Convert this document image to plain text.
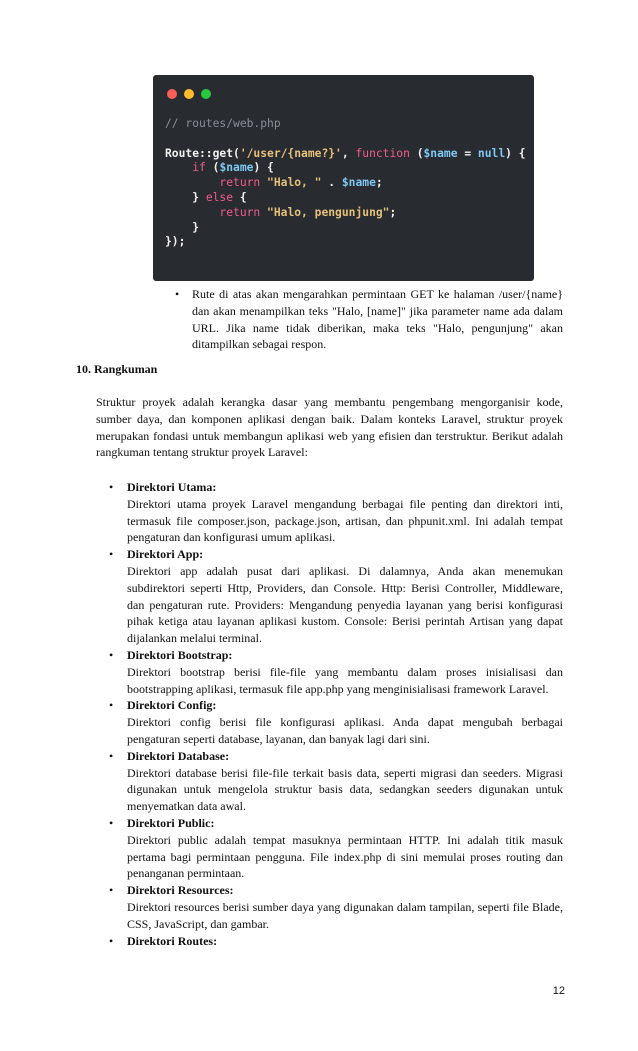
// routes/web.php
Route::get('/user/{name?}', function ($name = null) {
if ($name) {
return "Halo, " . $name;
} else {
return "Halo, pengunjung";
}
});
• Rute di atas akan mengarahkan permintaan GET ke halaman /user/{name} dan akan menampilkan teks "Halo, [name]" jika parameter name ada dalam URL. Jika name tidak diberikan, maka teks "Halo, pengunjung" akan ditampilkan sebagai respon.
10. Rangkuman
Struktur proyek adalah kerangka dasar yang membantu pengembang mengorganisir kode, sumber daya, dan komponen aplikasi dengan baik. Dalam konteks Laravel, struktur proyek merupakan fondasi untuk membangun aplikasi web yang efisien dan terstruktur. Berikut adalah rangkuman tentang struktur proyek Laravel:
• Direktori Utama:
Direktori utama proyek Laravel mengandung berbagai file penting dan direktori inti, termasuk file composer.json, package.json, artisan, dan phpunit.xml. Ini adalah tempat pengaturan dan konfigurasi umum aplikasi.
• Direktori App:
Direktori app adalah pusat dari aplikasi. Di dalamnya, Anda akan menemukan subdirektori seperti Http, Providers, dan Console. Http: Berisi Controller, Middleware, dan pengaturan rute. Providers: Mengandung penyedia layanan yang berisi konfigurasi pihak ketiga atau layanan aplikasi kustom. Console: Berisi perintah Artisan yang dapat dijalankan melalui terminal.
• Direktori Bootstrap:
Direktori bootstrap berisi file-file yang membantu dalam proses inisialisasi dan bootstrapping aplikasi, termasuk file app.php yang menginisialisasi framework Laravel.
• Direktori Config:
Direktori config berisi file konfigurasi aplikasi. Anda dapat mengubah berbagai pengaturan seperti database, layanan, dan banyak lagi dari sini.
• Direktori Database:
Direktori database berisi file-file terkait basis data, seperti migrasi dan seeders. Migrasi digunakan untuk mengelola struktur basis data, sedangkan seeders digunakan untuk menyematkan data awal.
• Direktori Public:
Direktori public adalah tempat masuknya permintaan HTTP. Ini adalah titik masuk pertama bagi permintaan pengguna. File index.php di sini memulai proses routing dan penanganan permintaan.
• Direktori Resources:
Direktori resources berisi sumber daya yang digunakan dalam tampilan, seperti file Blade, CSS, JavaScript, dan gambar.
• Direktori Routes:
12
